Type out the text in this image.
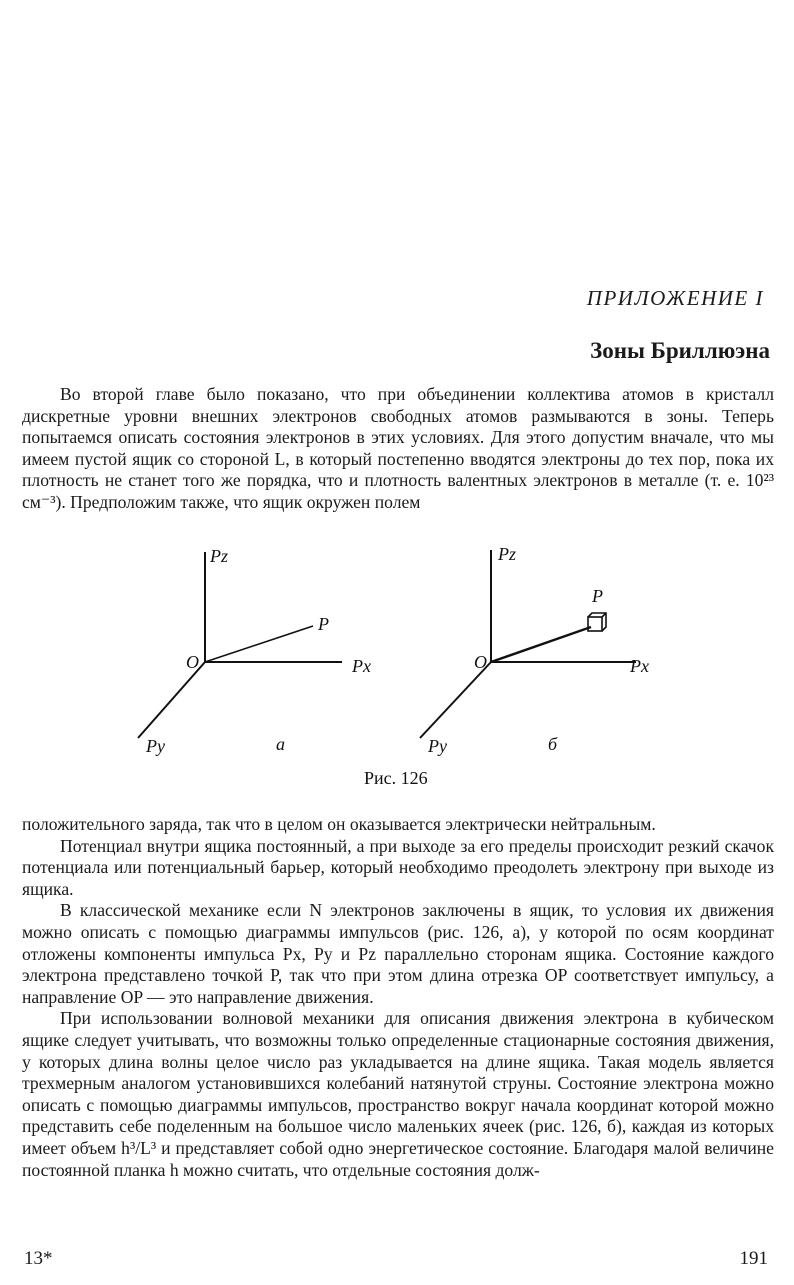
ПРИЛОЖЕНИЕ I
Зоны Бриллюэна

Во второй главе было показано, что при объединении коллектива атомов в кристалл дискретные уровни внешних электронов свободных атомов размываются в зоны. Теперь попытаемся описать состояния электронов в этих условиях. Для этого допустим вначале, что мы имеем пустой ящик со стороной L, в который постепенно вводятся электроны до тех пор, пока их плотность не станет того же порядка, что и плотность валентных электронов в металле (т. е. 10²³ см⁻³). Предположим также, что ящик окружен полем

Pz
Px
Py
O
P
а
Pz
Px
Py
O
P
б
Рис. 126

положительного заряда, так что в целом он оказывается электрически нейтральным.

Потенциал внутри ящика постоянный, а при выходе за его пределы происходит резкий скачок потенциала или потенциальный барьер, который необходимо преодолеть электрону при выходе из ящика.

В классической механике если N электронов заключены в ящик, то условия их движения можно описать с помощью диаграммы импульсов (рис. 126, а), у которой по осям координат отложены компоненты импульса Px, Py и Pz параллельно сторонам ящика. Состояние каждого электрона представлено точкой P, так что при этом длина отрезка OP соответствует импульсу, а направление OP — это направление движения.

При использовании волновой механики для описания движения электрона в кубическом ящике следует учитывать, что возможны только определенные стационарные состояния движения, у которых длина волны целое число раз укладывается на длине ящика. Такая модель является трехмерным аналогом установившихся колебаний натянутой струны. Состояние электрона можно описать с помощью диаграммы импульсов, пространство вокруг начала координат которой можно представить себе поделенным на большое число маленьких ячеек (рис. 126, б), каждая из которых имеет объем h³/L³ и представляет собой одно энергетическое состояние. Благодаря малой величине постоянной планка h можно считать, что отдельные состояния долж-

13*	191
